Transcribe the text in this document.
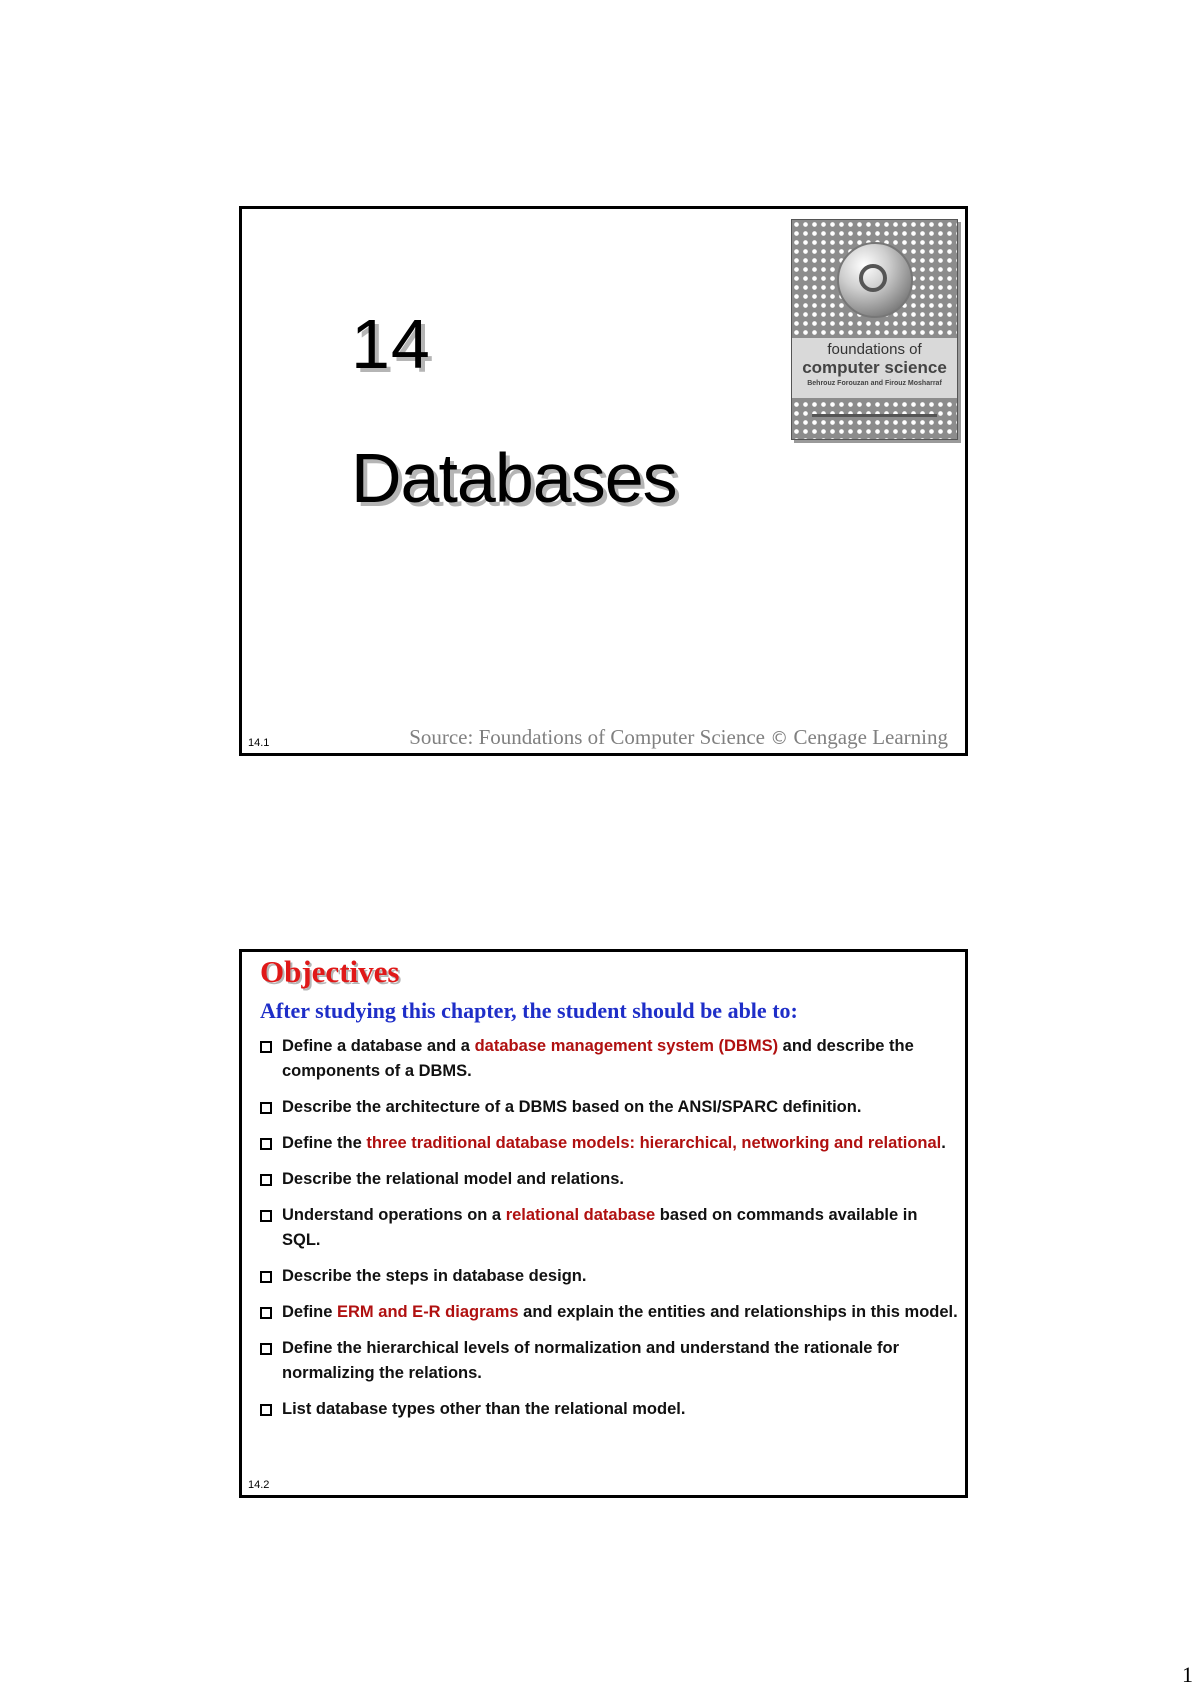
14
Databases
foundations of
computer science
Behrouz Forouzan and Firouz Mosharraf
Source: Foundations of Computer Science © Cengage Learning
14.1
Objectives
After studying this chapter, the student should be able to:
Define a database and a database management system (DBMS) and describe the components of a DBMS.
Describe the architecture of a DBMS based on the ANSI/SPARC definition.
Define the three traditional database models: hierarchical, networking and relational.
Describe the relational model and relations.
Understand operations on a relational database based on commands available in SQL.
Describe the steps in database design.
Define ERM and E-R diagrams and explain the entities and relationships in this model.
Define the hierarchical levels of normalization and understand the rationale for normalizing the relations.
List database types other than the relational model.
14.2
1
